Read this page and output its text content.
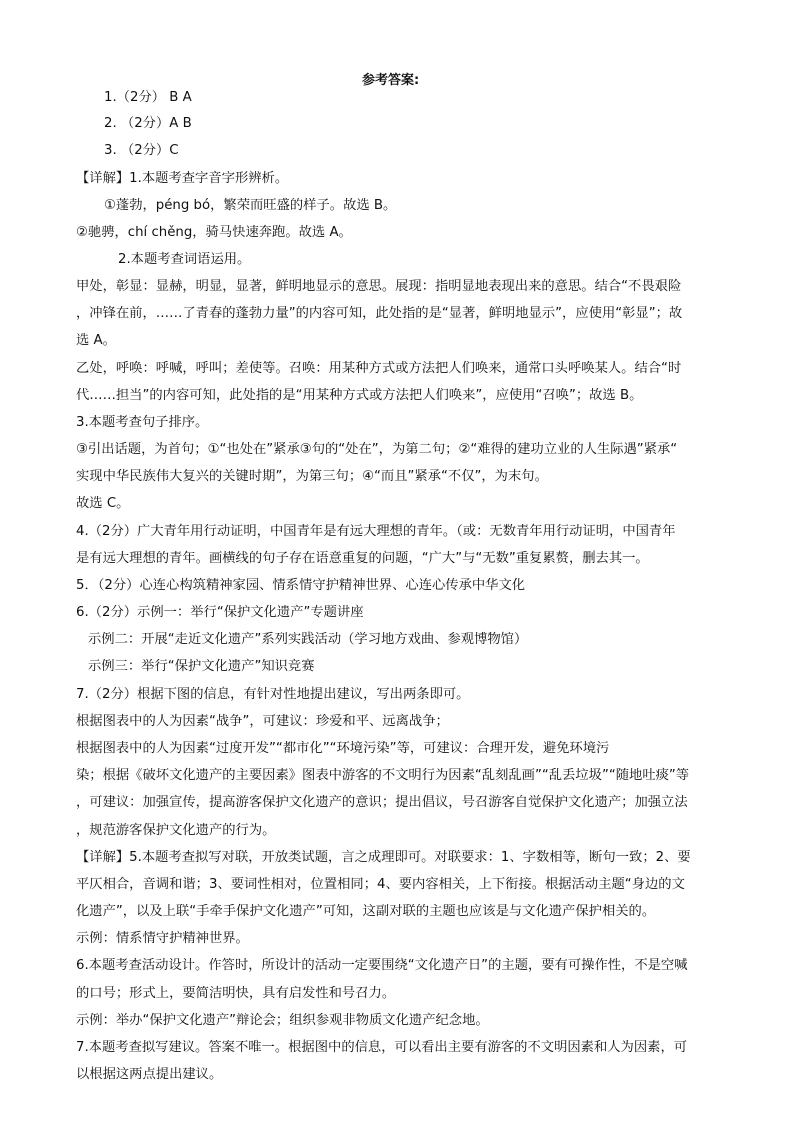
参考答案:
1.（2分） B A
2. （2分）A B
3. （2分）C
【详解】1.本题考查字音字形辨析。
①蓬勃，péng bó，繁荣而旺盛的样子。故选 B。
②驰骋，chí chěng，骑马快速奔跑。故选 A。
2.本题考查词语运用。
甲处，彰显：显赫，明显，显著，鲜明地显示的意思。展现：指明显地表现出来的意思。结合“不畏艰险
，冲锋在前，……了青春的蓬勃力量”的内容可知，此处指的是“显著，鲜明地显示”，应使用“彰显”；故
选 A。
乙处，呼唤：呼喊，呼叫；差使等。召唤：用某种方式或方法把人们唤来，通常口头呼唤某人。结合“时
代……担当”的内容可知，此处指的是“用某种方式或方法把人们唤来”，应使用“召唤”；故选 B。
3.本题考查句子排序。
③引出话题，为首句；①“也处在”紧承③句的“处在”，为第二句；②“难得的建功立业的人生际遇”紧承“
实现中华民族伟大复兴的关键时期”，为第三句；④“而且”紧承“不仅”，为末句。
故选 C。
4.（2分）广大青年用行动证明，中国青年是有远大理想的青年。（或：无数青年用行动证明，中国青年
是有远大理想的青年。画横线的句子存在语意重复的问题，“广大”与“无数”重复累赘，删去其一。
5．（2分）心连心构筑精神家园、情系情守护精神世界、心连心传承中华文化
6.（2分）示例一：举行“保护文化遗产”专题讲座
示例二：开展“走近文化遗产”系列实践活动（学习地方戏曲、参观博物馆）
示例三：举行“保护文化遗产”知识竞赛
7.（2分）根据下图的信息，有针对性地提出建议，写出两条即可。
根据图表中的人为因素“战争”，可建议：珍爱和平、远离战争；
根据图表中的人为因素“过度开发”“都市化”“环境污染”等，可建议：合理开发，避免环境污
染；根据《破坏文化遗产的主要因素》图表中游客的不文明行为因素“乱刻乱画”“乱丢垃圾”“随地吐痰”等
，可建议：加强宣传，提高游客保护文化遗产的意识；提出倡议，号召游客自觉保护文化遗产；加强立法
，规范游客保护文化遗产的行为。
【详解】5.本题考查拟写对联，开放类试题，言之成理即可。对联要求：1、字数相等，断句一致；2、要
平仄相合，音调和谐；3、要词性相对，位置相同；4、要内容相关，上下衔接。根据活动主题“身边的文
化遗产”，以及上联“手牵手保护文化遗产”可知，这副对联的主题也应该是与文化遗产保护相关的。
示例：情系情守护精神世界。
6.本题考查活动设计。作答时，所设计的活动一定要围绕“文化遗产日”的主题，要有可操作性，不是空喊
的口号；形式上，要简洁明快，具有启发性和号召力。
示例：举办“保护文化遗产”辩论会；组织参观非物质文化遗产纪念地。
7.本题考查拟写建议。答案不唯一。根据图中的信息，可以看出主要有游客的不文明因素和人为因素，可
以根据这两点提出建议。
